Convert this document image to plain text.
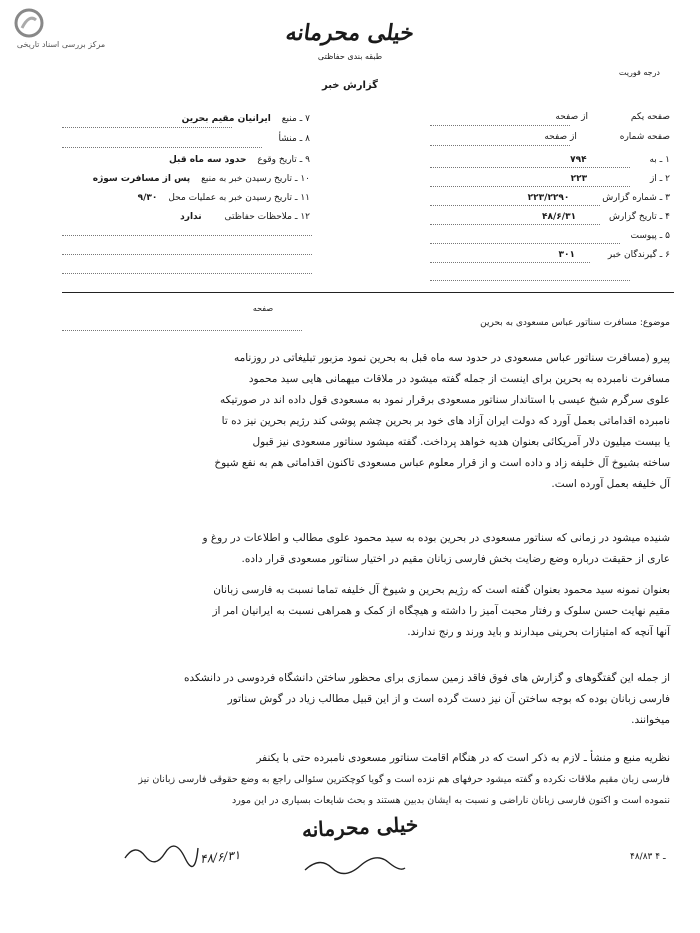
مرکز بررسی اسناد تاریخی	خیلی محرمانه
طبقه بندی حفاظتی
گزارش خبر
درجه فوریت
صفحه یکم از صفحه
صفحه شماره از صفحه
۱ ـ به ۷۹۴
۲ ـ از ۲۲۳
۳ ـ شماره گزارش ۲۲۳/۲۲۹۰
۴ ـ تاریخ گزارش ۴۸/۶/۳۱
۵ ـ پیوست
۶ ـ گیرندگان خبر ۳۰۱
۷ ـ منبع ایرانیان مقیم بحرین
۸ ـ منشأ
۹ ـ تاریخ وقوع حدود سه ماه قبل
۱۰ ـ تاریخ رسیدن خبر به منبع پس از مسافرت سوژه
۱۱ ـ تاریخ رسیدن خبر به عملیات محل ۹/۳۰
۱۲ ـ ملاحظات حفاظتی ندارد
صفحه
موضوع: مسافرت سناتور عباس مسعودی به بحرین
پیرو (مسافرت سناتور عباس مسعودی در حدود سه ماه قبل به بحرین نمود مزبور تبلیغاتی در روزنامه
مسافرت نامبرده به بحرین برای اینست از جمله گفته میشود در ملاقات میهمانی هایی سید محمود
علوی سرگرم شیخ عیسی با استاندار سناتور مسعودی برقرار نمود به مسعودی قول داده اند در صورتیکه
نامبرده اقداماتی بعمل آورد که دولت ایران آزاد های خود بر بحرین چشم پوشی کند رژیم بحرین نیز ده تا
یا بیست میلیون دلار آمریکائی بعنوان هدیه خواهد پرداخت. گفته میشود سناتور مسعودی نیز قبول
ساخته بشیوخ آل خلیفه زاد و داده است و از قرار معلوم عباس مسعودی تاکنون اقداماتی هم به نفع شیوخ
آل خلیفه بعمل آورده است.
شنیده میشود در زمانی که سناتور مسعودی در بحرین بوده به سید محمود علوی مطالب و اطلاعات در روغ و
عاری از حقیقت درباره وضع رضایت بخش فارسی زبانان مقیم در اختیار سناتور مسعودی قرار داده.
بعنوان نمونه سید محمود بعنوان گفته است که رژیم بحرین و شیوخ آل خلیفه تماما نسبت به فارسی زبانان
مقیم نهایت حسن سلوک و رفتار محبت آمیز را داشته و هیچگاه از کمک و همراهی نسبت به ایرانیان امر از
آنها آنچه که امتیازات بحرینی میدارند و باید ورند و رنج ندارند.
از جمله این گفتگوهای و گزارش های فوق فاقد زمین سمازی برای محظور ساختن دانشگاه فردوسی در دانشکده
فارسی زبانان بوده که بوجه ساختن آن نیز دست گرده است و از این قبیل مطالب زیاد در گوش سناتور
میخوانند.
نظریه منبع و منشأ ـ لازم به ذکر است که در هنگام اقامت سناتور مسعودی نامبرده حتی با یکنفر
فارسی زبان مقیم ملاقات نکرده و گفته میشود حرفهای هم نزده است و گویا کوچکترین سئوالی راجع به وضع حقوقی فارسی زبانان نیز
ننموده است و اکنون فارسی زبانان ناراضی و نسبت به ایشان بدبین هستند و بحث شایعات بسیاری در این مورد
خیلی محرمانه
۴۸/۶/۳۱	۴۸/۸۳ ـ ۴
